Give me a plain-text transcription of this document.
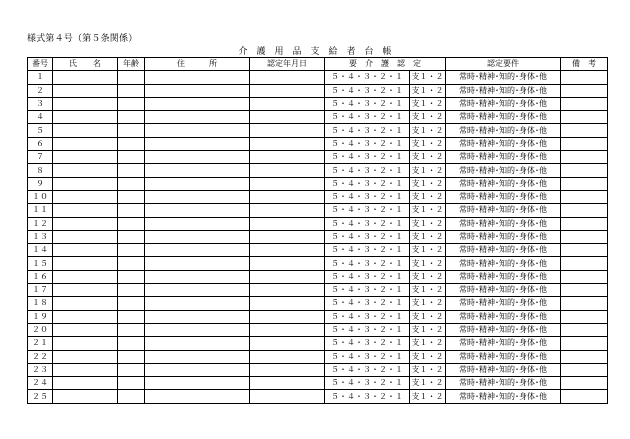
様式第４号（第５条関係）
介　護　用　品　支　給　者　台　帳
番号	氏　　名	年齢	住　　　所	認定年月日	要　介　護　認　定		認定要件	備　考
１					５・４・３・２・１	支１・２	常時･精神･知的･身体･他	
２					５・４・３・２・１	支１・２	常時･精神･知的･身体･他	
３					５・４・３・２・１	支１・２	常時･精神･知的･身体･他	
４					５・４・３・２・１	支１・２	常時･精神･知的･身体･他	
５					５・４・３・２・１	支１・２	常時･精神･知的･身体･他	
６					５・４・３・２・１	支１・２	常時･精神･知的･身体･他	
７					５・４・３・２・１	支１・２	常時･精神･知的･身体･他	
８					５・４・３・２・１	支１・２	常時･精神･知的･身体･他	
９					５・４・３・２・１	支１・２	常時･精神･知的･身体･他	
１０					５・４・３・２・１	支１・２	常時･精神･知的･身体･他	
１１					５・４・３・２・１	支１・２	常時･精神･知的･身体･他	
１２					５・４・３・２・１	支１・２	常時･精神･知的･身体･他	
１３					５・４・３・２・１	支１・２	常時･精神･知的･身体･他	
１４					５・４・３・２・１	支１・２	常時･精神･知的･身体･他	
１５					５・４・３・２・１	支１・２	常時･精神･知的･身体･他	
１６					５・４・３・２・１	支１・２	常時･精神･知的･身体･他	
１７					５・４・３・２・１	支１・２	常時･精神･知的･身体･他	
１８					５・４・３・２・１	支１・２	常時･精神･知的･身体･他	
１９					５・４・３・２・１	支１・２	常時･精神･知的･身体･他	
２０					５・４・３・２・１	支１・２	常時･精神･知的･身体･他	
２１					５・４・３・２・１	支１・２	常時･精神･知的･身体･他	
２２					５・４・３・２・１	支１・２	常時･精神･知的･身体･他	
２３					５・４・３・２・１	支１・２	常時･精神･知的･身体･他	
２４					５・４・３・２・１	支１・２	常時･精神･知的･身体･他	
２５					５・４・３・２・１	支１・２	常時･精神･知的･身体･他	
